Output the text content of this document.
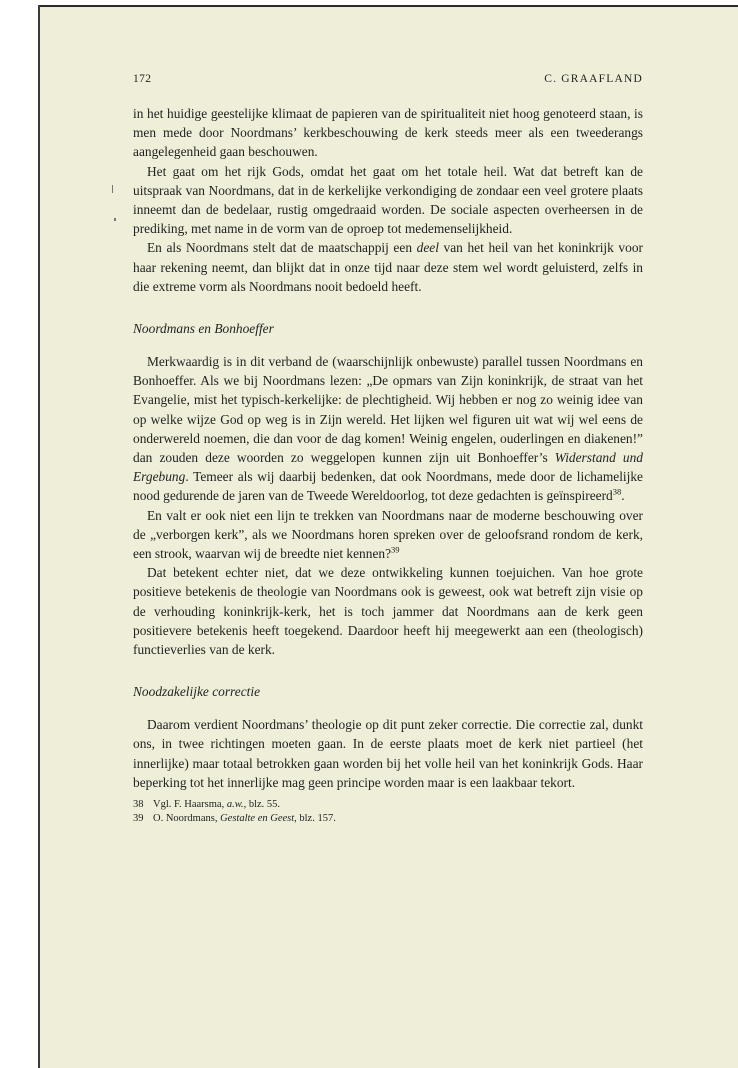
172	C. GRAAFLAND

in het huidige geestelijke klimaat de papieren van de spiritualiteit niet hoog genoteerd staan, is men mede door Noordmans’ kerkbeschouwing de kerk steeds meer als een tweederangs aangelegenheid gaan beschouwen.

Het gaat om het rijk Gods, omdat het gaat om het totale heil. Wat dat betreft kan de uitspraak van Noordmans, dat in de kerkelijke verkondiging de zondaar een veel grotere plaats inneemt dan de bedelaar, rustig omgedraaid worden. De sociale aspecten overheersen in de prediking, met name in de vorm van de oproep tot medemenselijkheid.

En als Noordmans stelt dat de maatschappij een deel van het heil van het koninkrijk voor haar rekening neemt, dan blijkt dat in onze tijd naar deze stem wel wordt geluisterd, zelfs in die extreme vorm als Noordmans nooit bedoeld heeft.

Noordmans en Bonhoeffer

Merkwaardig is in dit verband de (waarschijnlijk onbewuste) parallel tussen Noordmans en Bonhoeffer. Als we bij Noordmans lezen: „De opmars van Zijn koninkrijk, de straat van het Evangelie, mist het typisch-kerkelijke: de plechtigheid. Wij hebben er nog zo weinig idee van op welke wijze God op weg is in Zijn wereld. Het lijken wel figuren uit wat wij wel eens de onderwereld noemen, die dan voor de dag komen! Weinig engelen, ouderlingen en diakenen!” dan zouden deze woorden zo weggelopen kunnen zijn uit Bonhoeffer’s Widerstand und Ergebung. Temeer als wij daarbij bedenken, dat ook Noordmans, mede door de lichamelijke nood gedurende de jaren van de Tweede Wereldoorlog, tot deze gedachten is geïnspireerd$^{38}$.

En valt er ook niet een lijn te trekken van Noordmans naar de moderne beschouwing over de „verborgen kerk”, als we Noordmans horen spreken over de geloofsrand rondom de kerk, een strook, waarvan wij de breedte niet kennen?$^{39}$

Dat betekent echter niet, dat we deze ontwikkeling kunnen toejuichen. Van hoe grote positieve betekenis de theologie van Noordmans ook is geweest, ook wat betreft zijn visie op de verhouding koninkrijk-kerk, het is toch jammer dat Noordmans aan de kerk geen positievere betekenis heeft toegekend. Daardoor heeft hij meegewerkt aan een (theologisch) functieverlies van de kerk.

Noodzakelijke correctie

Daarom verdient Noordmans’ theologie op dit punt zeker correctie. Die correctie zal, dunkt ons, in twee richtingen moeten gaan. In de eerste plaats moet de kerk niet partieel (het innerlijke) maar totaal betrokken gaan worden bij het volle heil van het koninkrijk Gods. Haar beperking tot het innerlijke mag geen principe worden maar is een laakbaar tekort.

38 Vgl. F. Haarsma, a.w., blz. 55.
39 O. Noordmans, Gestalte en Geest, blz. 157.
